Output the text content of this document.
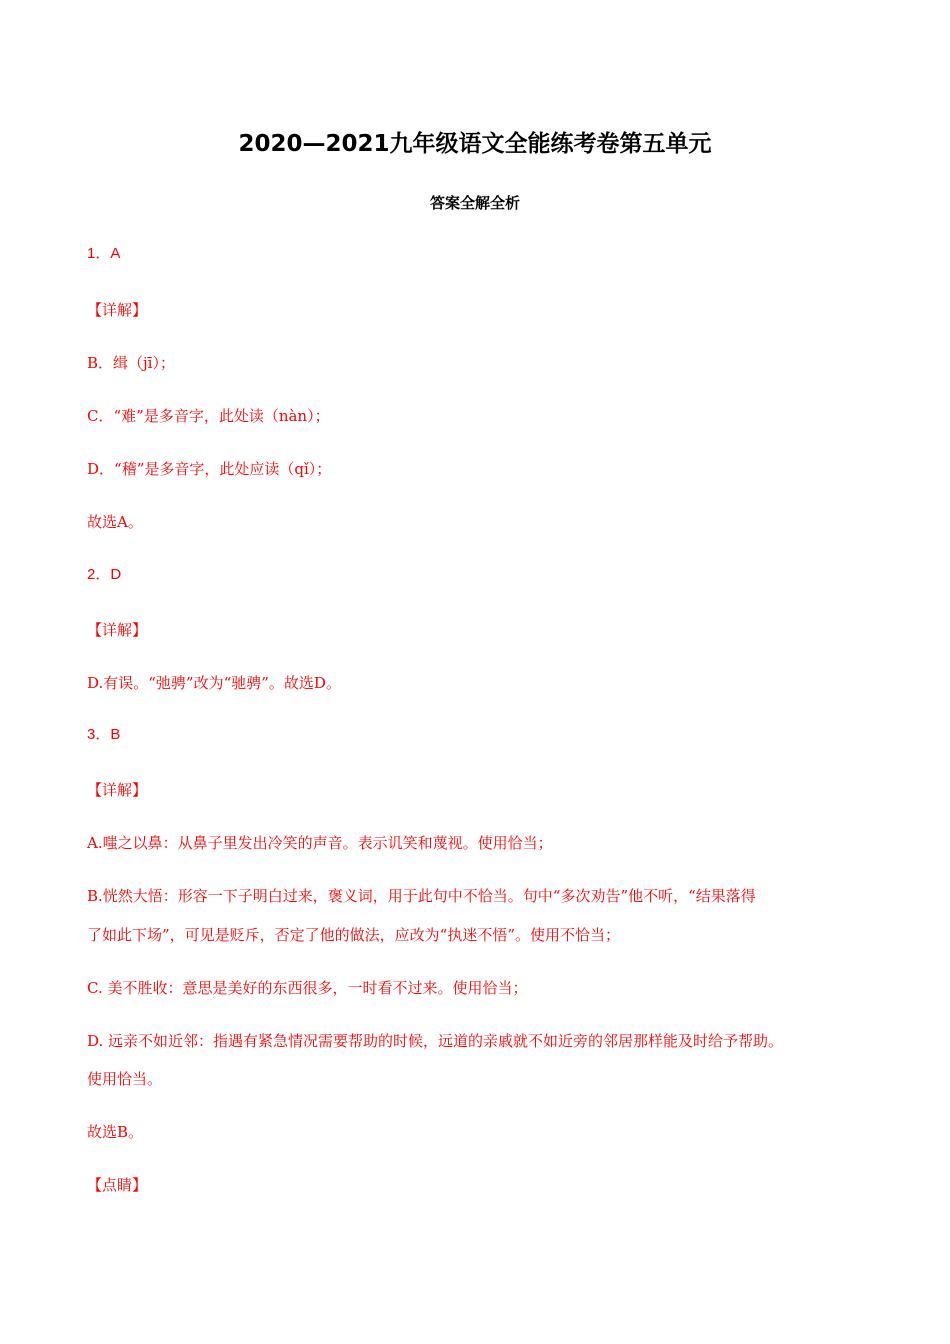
2020—2021九年级语文全能练考卷第五单元
答案全解全析
1．A
【详解】
B．缉（jī）；
C．“难”是多音字，此处读（nàn）；
D．“稽”是多音字，此处应读（qǐ）；
故选A。
2．D
【详解】
D.有误。“弛骋”改为“驰骋”。故选D。
3．B
【详解】
A.嗤之以鼻：从鼻子里发出冷笑的声音。表示讥笑和蔑视。使用恰当；
B.恍然大悟：形容一下子明白过来，褒义词，用于此句中不恰当。句中“多次劝告”他不听，“结果落得
了如此下场”，可见是贬斥，否定了他的做法，应改为“执迷不悟”。使用不恰当；
C. 美不胜收：意思是美好的东西很多，一时看不过来。使用恰当；
D. 远亲不如近邻：指遇有紧急情况需要帮助的时候，远道的亲戚就不如近旁的邻居那样能及时给予帮助。
使用恰当。
故选B。
【点睛】
